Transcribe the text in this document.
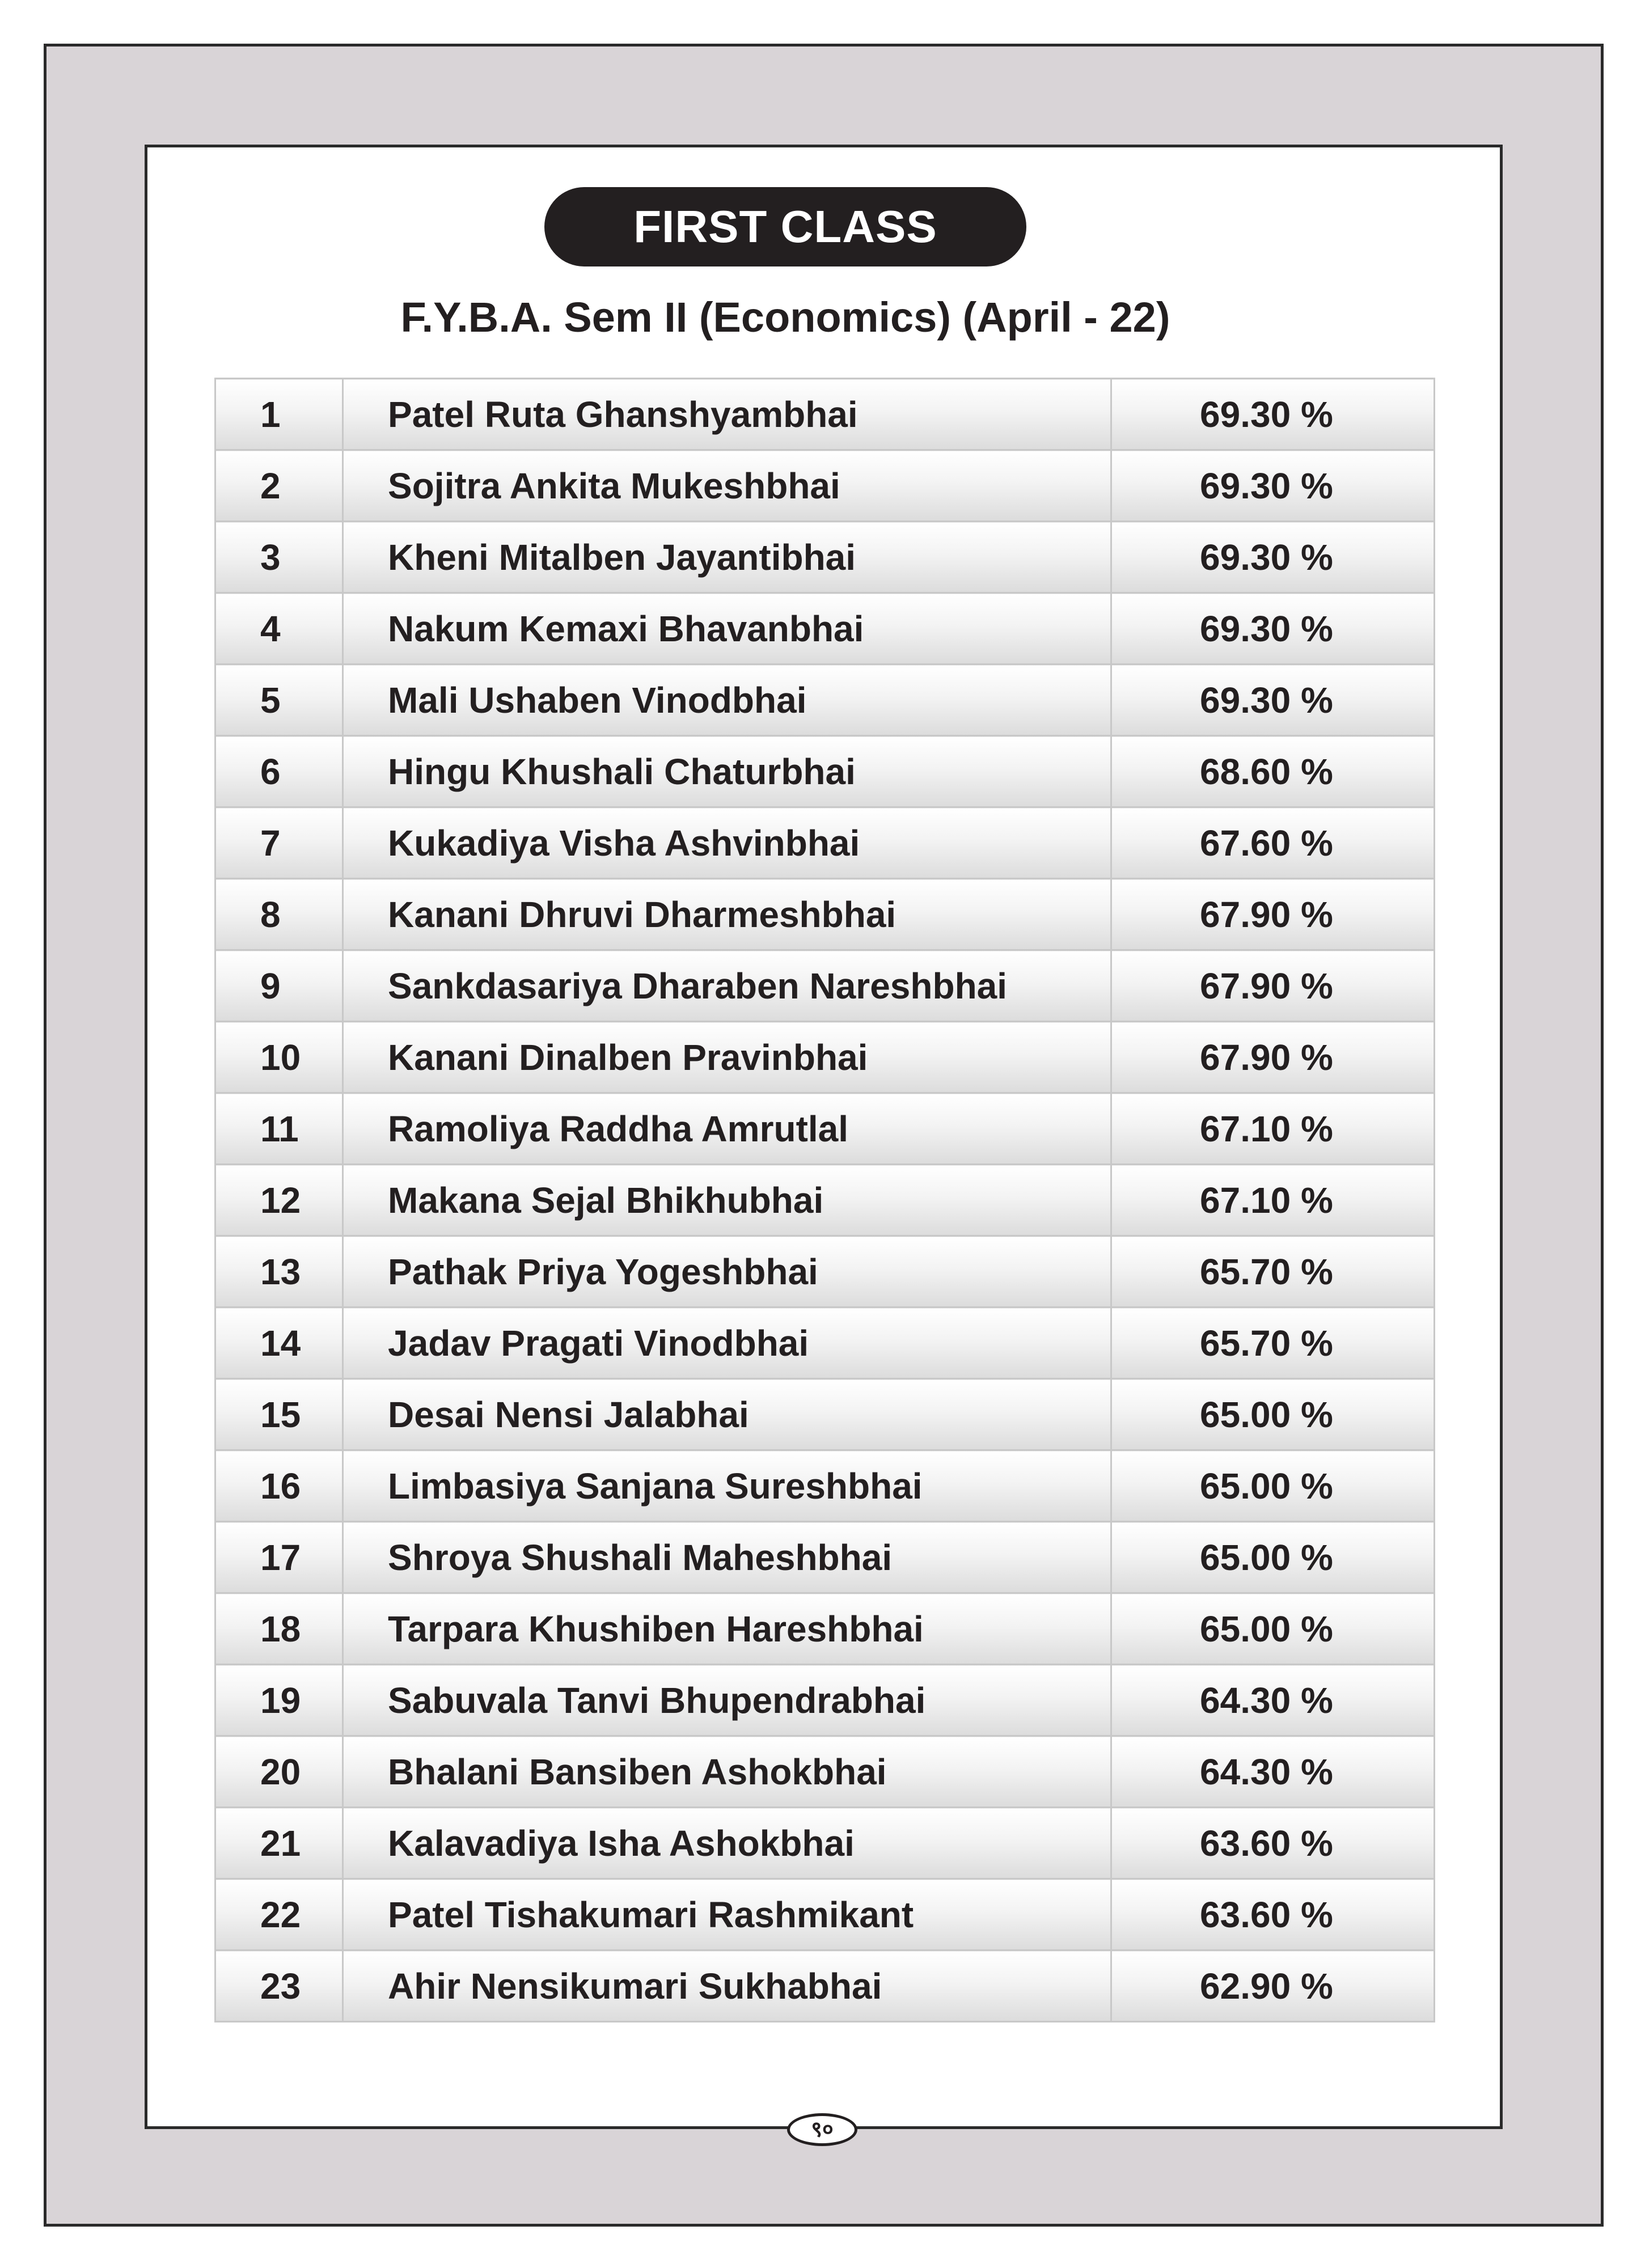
FIRST CLASS
F.Y.B.A. Sem II (Economics) (April - 22)
1	Patel Ruta Ghanshyambhai	69.30 %
2	Sojitra Ankita Mukeshbhai	69.30 %
3	Kheni Mitalben Jayantibhai	69.30 %
4	Nakum Kemaxi Bhavanbhai	69.30 %
5	Mali Ushaben Vinodbhai	69.30 %
6	Hingu Khushali Chaturbhai	68.60 %
7	Kukadiya Visha Ashvinbhai	67.60 %
8	Kanani Dhruvi Dharmeshbhai	67.90 %
9	Sankdasariya Dharaben Nareshbhai	67.90 %
10	Kanani Dinalben Pravinbhai	67.90 %
11	Ramoliya Raddha Amrutlal	67.10 %
12	Makana Sejal Bhikhubhai	67.10 %
13	Pathak Priya Yogeshbhai	65.70 %
14	Jadav Pragati Vinodbhai	65.70 %
15	Desai Nensi Jalabhai	65.00 %
16	Limbasiya Sanjana Sureshbhai	65.00 %
17	Shroya Shushali Maheshbhai	65.00 %
18	Tarpara Khushiben Hareshbhai	65.00 %
19	Sabuvala Tanvi Bhupendrabhai	64.30 %
20	Bhalani Bansiben Ashokbhai	64.30 %
21	Kalavadiya Isha Ashokbhai	63.60 %
22	Patel Tishakumari Rashmikant	63.60 %
23	Ahir Nensikumari Sukhabhai	62.90 %
९०
